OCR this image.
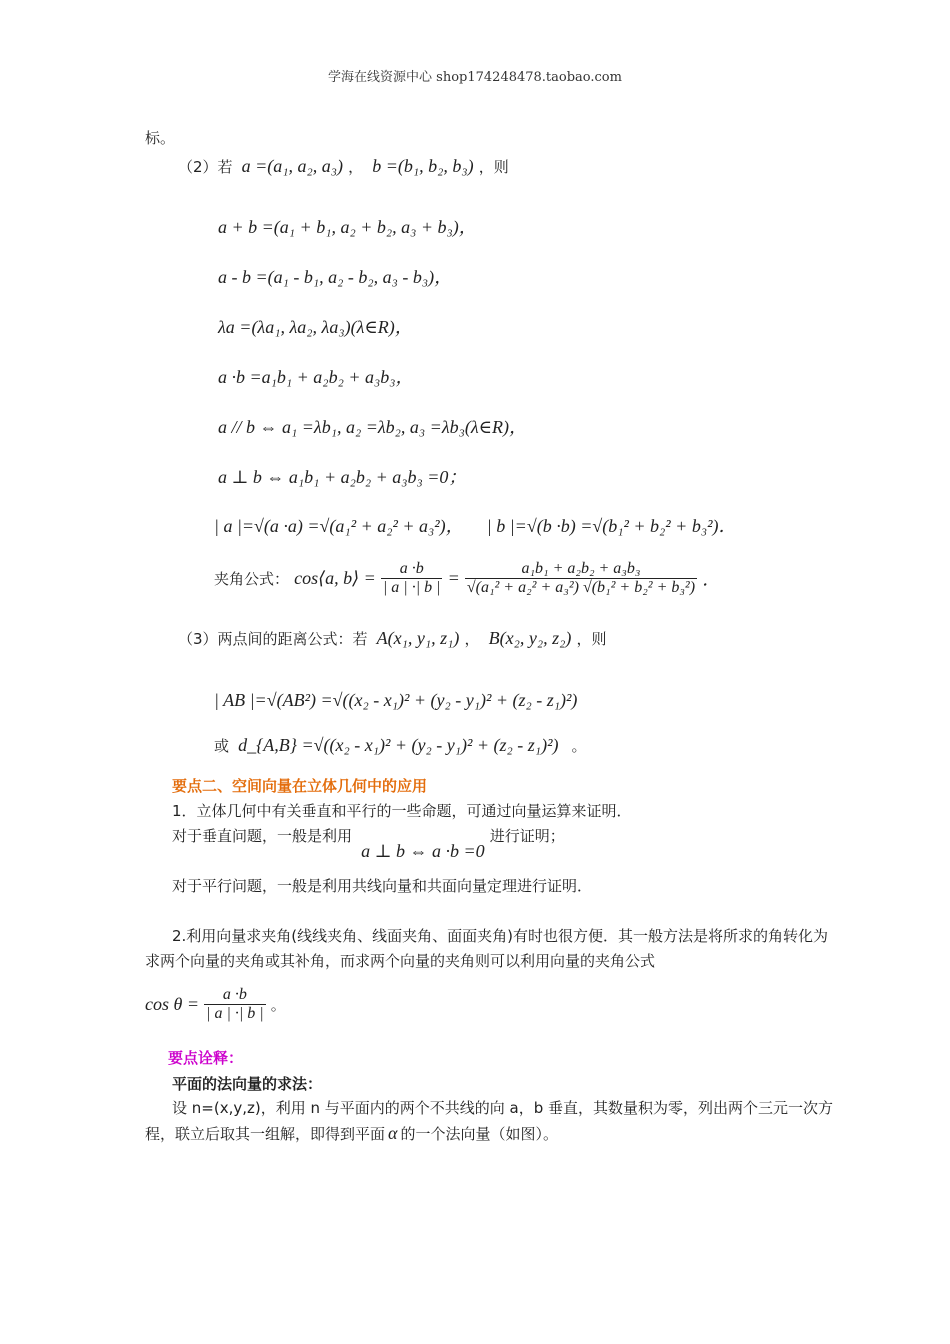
学海在线资源中心 shop174248478.taobao.com
标。
（2）若 a =(a₁, a₂, a₃) ， b =(b₁, b₂, b₃) ，则
a + b =(a₁ + b₁, a₂ + b₂, a₃ + b₃)，
a - b =(a₁ - b₁, a₂ - b₂, a₃ - b₃)，
λa =(λa₁, λa₂, λa₃)(λ∈R)，
a ·b =a₁b₁ + a₂b₂ + a₃b₃，
a // b ⇔ a₁ =λb₁, a₂ =λb₂, a₃ =λb₃(λ∈R)，
a ⊥ b ⇔ a₁b₁ + a₂b₂ + a₃b₃ =0；
| a |=√(a ·a) =√(a₁² + a₂² + a₃²)， | b |=√(b ·b) =√(b₁² + b₂² + b₃²)．
夹角公式： cos⟨a, b⟩ = $\frac{a \cdot b}{| a | \cdot| b |} = \frac{\text{a₁b₁ + a₂b₂ + a₃b₃}}{\text{√(a₁² + a₂² + a₃²) √(b₁² + b₂² + b₃²)}}$ ．
（3）两点间的距离公式：若 A(x₁, y₁, z₁) ， B(x₂, y₂, z₂) ，则
| AB |=√(AB²) =√((x₂ - x₁)² + (y₂ - y₁)² + (z₂ - z₁)²)
或 d_{A,B} =√((x₂ - x₁)² + (y₂ - y₁)² + (z₂ - z₁)²) 。
要点二、空间向量在立体几何中的应用
1．立体几何中有关垂直和平行的一些命题，可通过向量运算来证明．
对于垂直问题，一般是利用 a ⊥ b ⇔ a ·b =0 进行证明；
对于平行问题，一般是利用共线向量和共面向量定理进行证明．
2.利用向量求夹角(线线夹角、线面夹角、面面夹角)有时也很方便．其一般方法是将所求的角转化为求两个向量的夹角或其补角，而求两个向量的夹角则可以利用向量的夹角公式
$\cos \theta = \frac{a \cdot b}{| a | \cdot| b |}$ 。
要点诠释：
平面的法向量的求法：
设 n=(x,y,z)，利用 n 与平面内的两个不共线的向 a，b 垂直，其数量积为零，列出两个三元一次方程，联立后取其一组解，即得到平面 α 的一个法向量（如图）。
